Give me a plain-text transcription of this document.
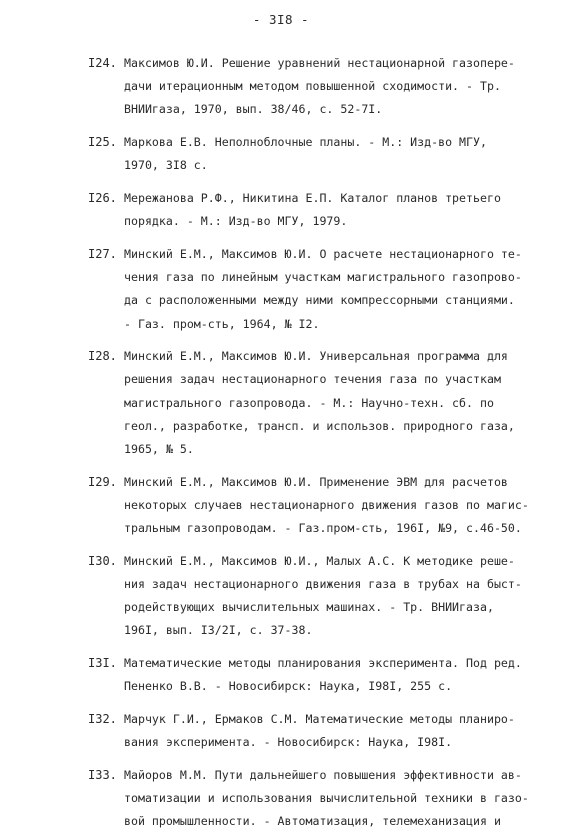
- 3I8 -
I24. Максимов Ю.И. Решение уравнений нестационарной газопере-
дачи итерационным методом повышенной сходимости. - Тр.
ВНИИгаза, 1970, вып. 38/46, с. 52-7I.
I25. Маркова Е.В. Неполноблочные планы. - М.: Изд-во МГУ,
1970, 3I8 с.
I26. Мережанова Р.Ф., Никитина Е.П. Каталог планов третьего
порядка. - М.: Изд-во МГУ, 1979.
I27. Минский Е.М., Максимов Ю.И. О расчете нестационарного те-
чения газа по линейным участкам магистрального газопрово-
да с расположенными между ними компрессорными станциями.
- Газ. пром-сть, 1964, № I2.
I28. Минский Е.М., Максимов Ю.И. Универсальная программа для
решения задач нестационарного течения газа по участкам
магистрального газопровода. - М.: Научно-техн. сб. по
геол., разработке, трансп. и использов. природного газа,
1965, № 5.
I29. Минский Е.М., Максимов Ю.И. Применение ЭВМ для расчетов
некоторых случаев нестационарного движения газов по магис-
тральным газопроводам. - Газ.пром-сть, 196I, №9, с.46-50.
I30. Минский Е.М., Максимов Ю.И., Малых А.С. К методике реше-
ния задач нестационарного движения газа в трубах на быст-
родействующих вычислительных машинах. - Тр. ВНИИгаза,
196I, вып. I3/2I, с. 37-38.
I3I. Математические методы планирования эксперимента. Под ред.
Пененко В.В. - Новосибирск: Наука, I98I, 255 с.
I32. Марчук Г.И., Ермаков С.М. Математические методы планиро-
вания эксперимента. - Новосибирск: Наука, I98I.
I33. Майоров М.М. Пути дальнейшего повышения эффективности ав-
томатизации и использования вычислительной техники в газо-
вой промышленности. - Автоматизация, телемеханизация и
